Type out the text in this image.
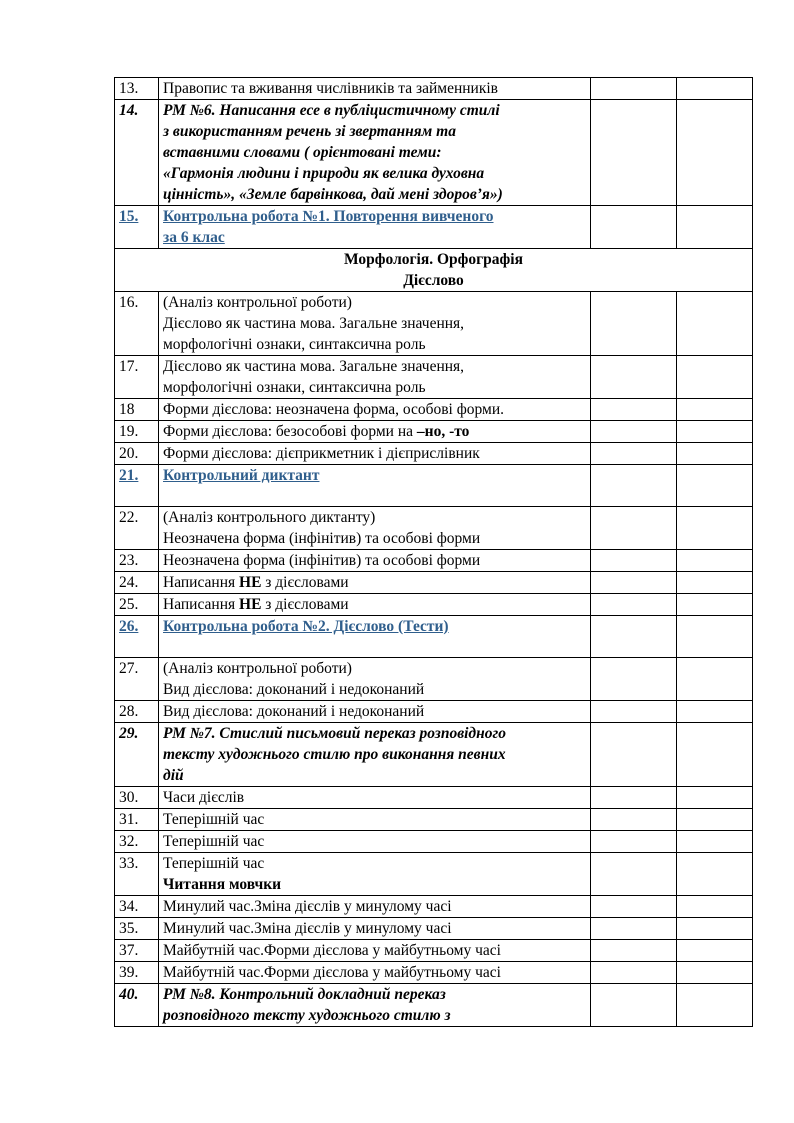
13.	Правопис та вживання числівників та займенників		

14.	РМ №6. Написання есе в публіцистичному стилі
з використанням речень зі звертанням та
вставними словами ( орієнтовані теми:
«Гармонія людини і природи як велика духовна
цінність», «Земле барвінкова, дай мені здоров’я»)		

15.	Контрольна робота №1. Повторення вивченого
за 6 клас		

Морфологія. Орфографія
Дієслово			

16.	(Аналіз контрольної роботи)
Дієслово як частина мова. Загальне значення,
морфологічні ознаки, синтаксична роль		

17.	Дієслово як частина мова. Загальне значення,
морфологічні ознаки, синтаксична роль		

18	Форми дієслова: неозначена форма, особові форми.		

19.	Форми дієслова: безособові форми на –но, -то		
20.	Форми дієслова: дієприкметник і дієприслівник		

21.	Контрольний диктант		
22.	(Аналіз контрольного диктанту)
Неозначена форма (інфінітив) та особові форми		

23.	Неозначена форма (інфінітив) та особові форми		

24.	Написання НЕ з дієсловами		
25.	Написання НЕ з дієсловами		
26.	Контрольна робота №2. Дієслово (Тести)		
27.	(Аналіз контрольної роботи)
Вид дієслова: доконаний і недоконаний		

28.	Вид дієслова: доконаний і недоконаний		

29.	РМ №7. Стислий письмовий переказ розповідного
тексту художнього стилю про виконання певних
дій		

30.	Часи дієслів		

31.	Теперішній час		

32.	Теперішній час		

33.	Теперішній час
Читання мовчки		

34.	Минулий час.Зміна дієслів у минулому часі		

35.	Минулий час.Зміна дієслів у минулому часі		

37.	Майбутній час.Форми дієслова у майбутньому часі		

39.	Майбутній час.Форми дієслова у майбутньому часі		

40.	РМ №8. Контрольний докладний переказ
розповідного тексту художнього стилю з		
